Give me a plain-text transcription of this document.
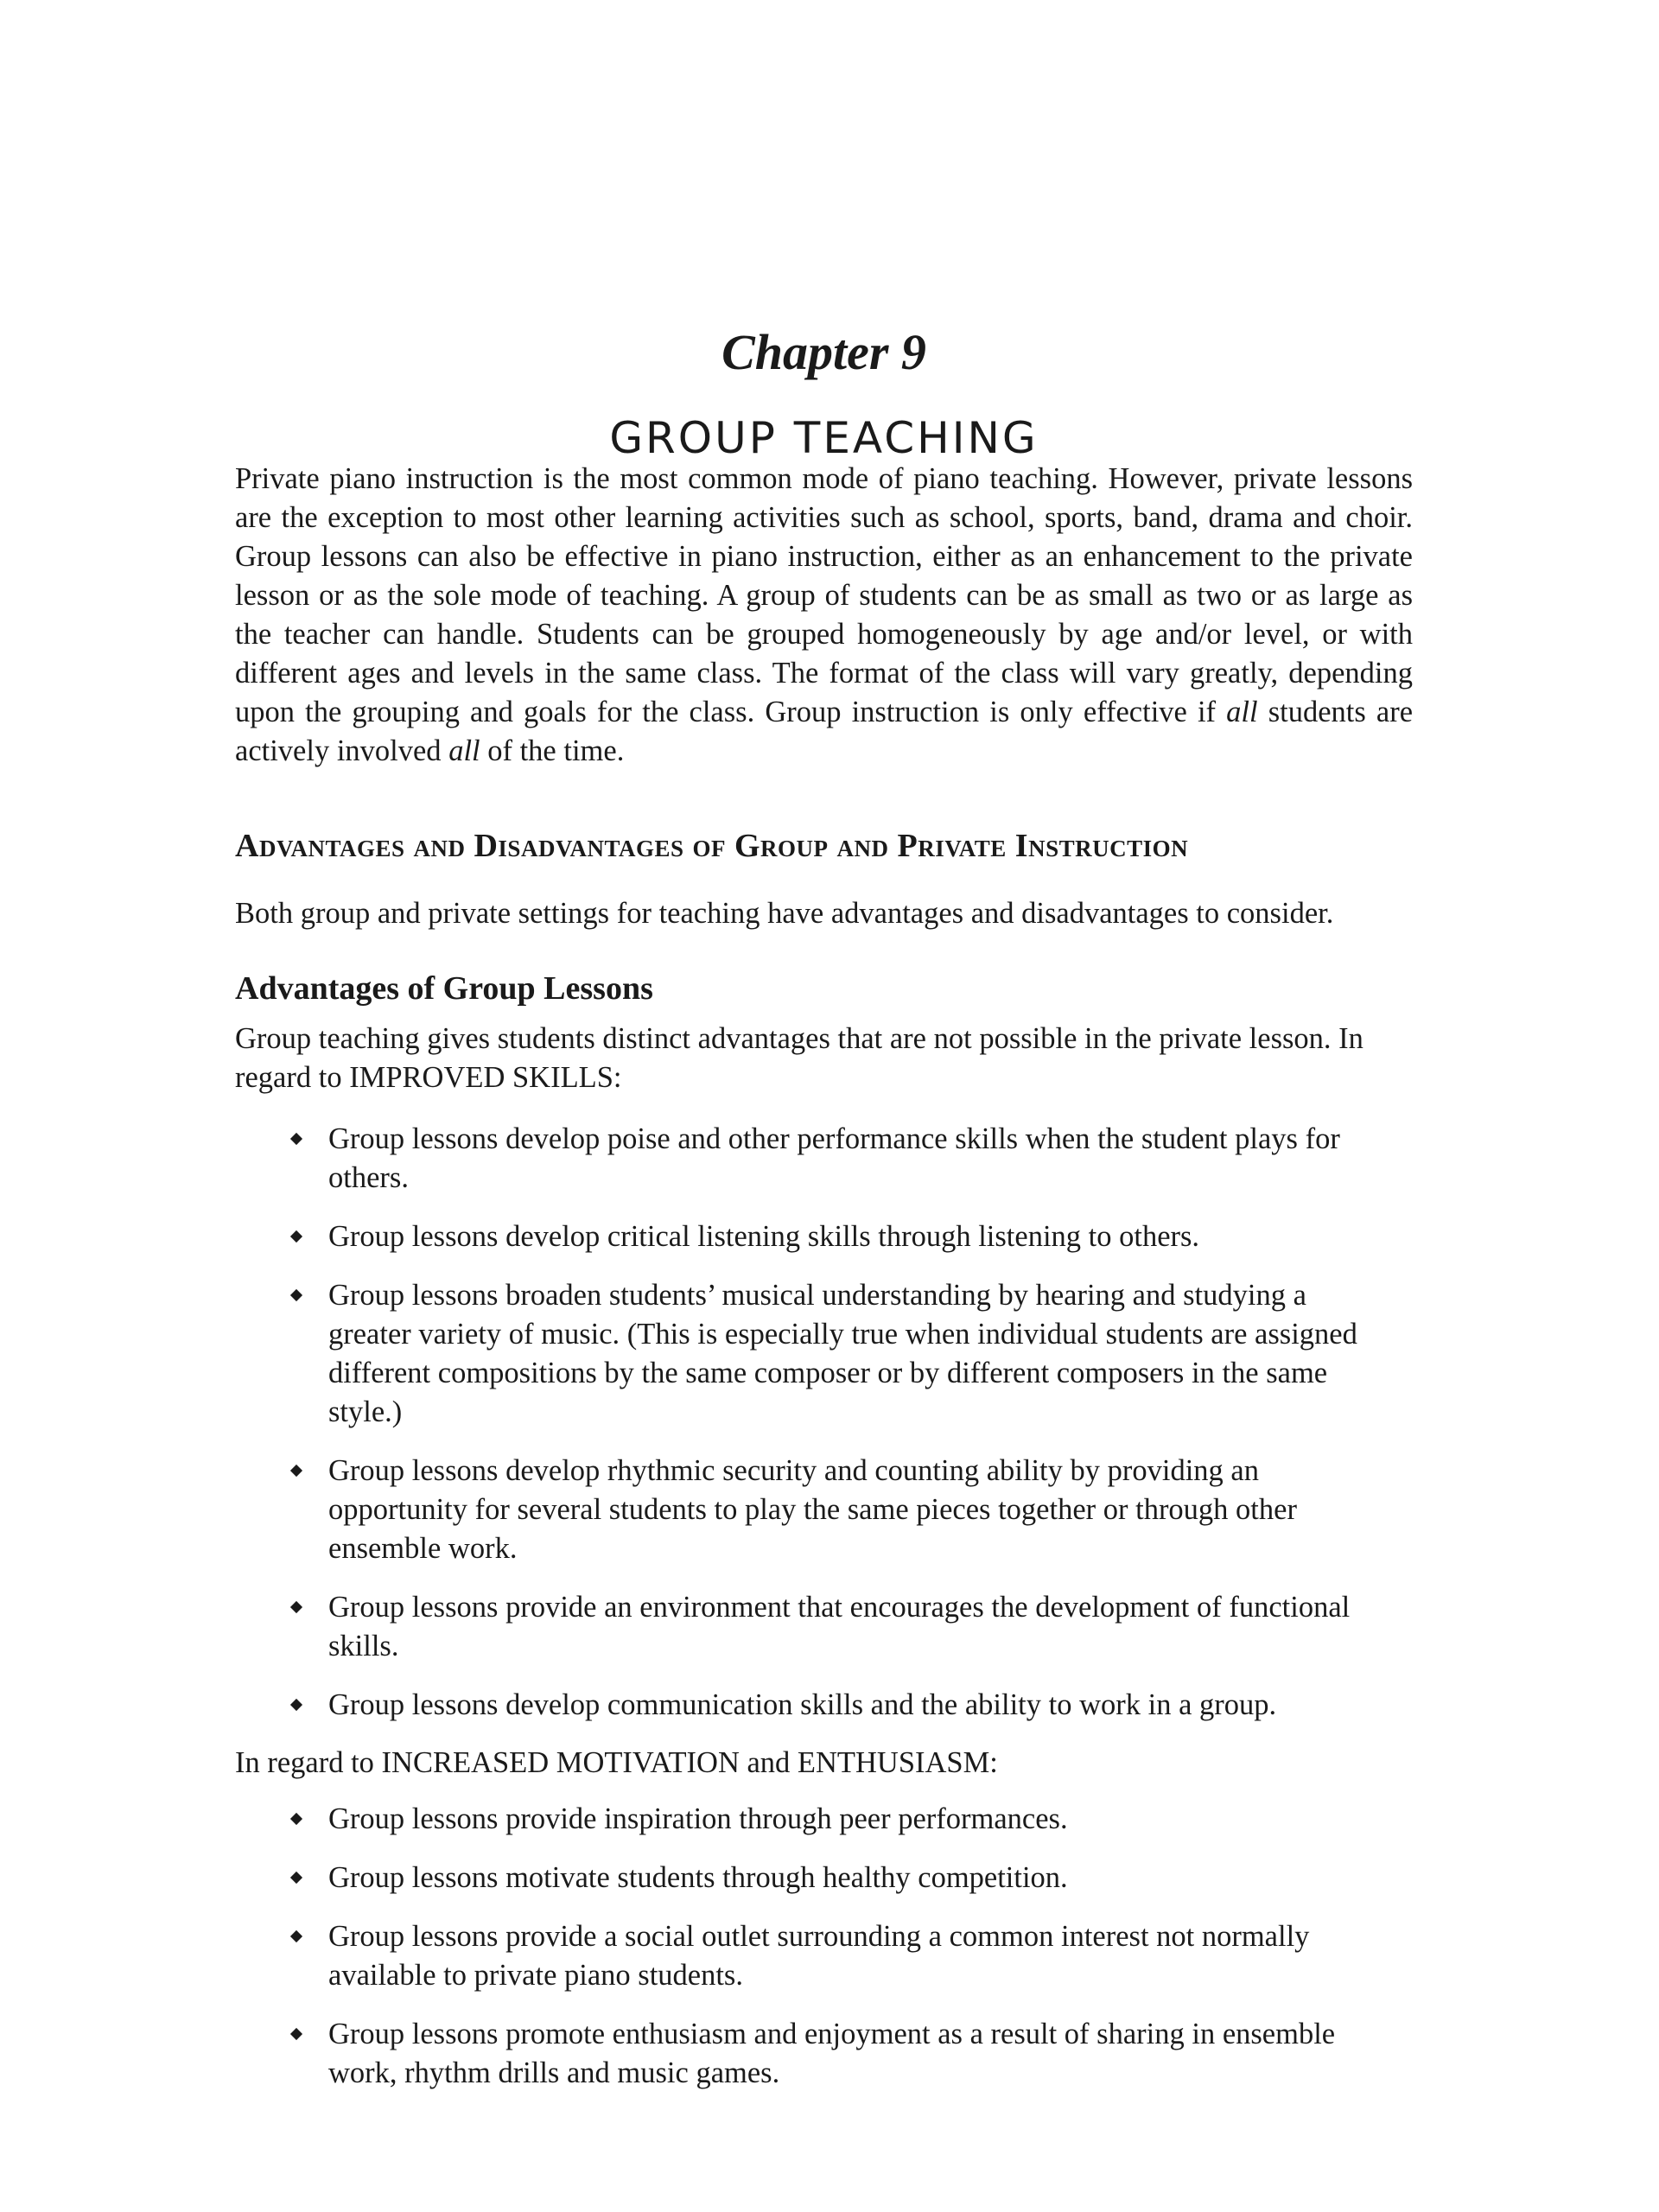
Chapter 9
GROUP TEACHING

Private piano instruction is the most common mode of piano teaching. However, private lessons are the exception to most other learning activities such as school, sports, band, drama and choir. Group lessons can also be effective in piano instruction, either as an enhancement to the private lesson or as the sole mode of teaching. A group of students can be as small as two or as large as the teacher can handle. Students can be grouped homogeneously by age and/or level, or with different ages and levels in the same class. The format of the class will vary greatly, depending upon the grouping and goals for the class. Group instruction is only effective if all students are actively involved all of the time.

Advantages and Disadvantages of Group and Private Instruction

Both group and private settings for teaching have advantages and disadvantages to consider.

Advantages of Group Lessons

Group teaching gives students distinct advantages that are not possible in the private lesson. In regard to IMPROVED SKILLS:

Group lessons develop poise and other performance skills when the student plays for others.
Group lessons develop critical listening skills through listening to others.
Group lessons broaden students’ musical understanding by hearing and studying a greater variety of music. (This is especially true when individual students are assigned different compositions by the same composer or by different composers in the same style.)
Group lessons develop rhythmic security and counting ability by providing an opportunity for several students to play the same pieces together or through other ensemble work.
Group lessons provide an environment that encourages the development of functional skills.
Group lessons develop communication skills and the ability to work in a group.

In regard to INCREASED MOTIVATION and ENTHUSIASM:

Group lessons provide inspiration through peer performances.
Group lessons motivate students through healthy competition.
Group lessons provide a social outlet surrounding a common interest not normally available to private piano students.
Group lessons promote enthusiasm and enjoyment as a result of sharing in ensemble work, rhythm drills and music games.
